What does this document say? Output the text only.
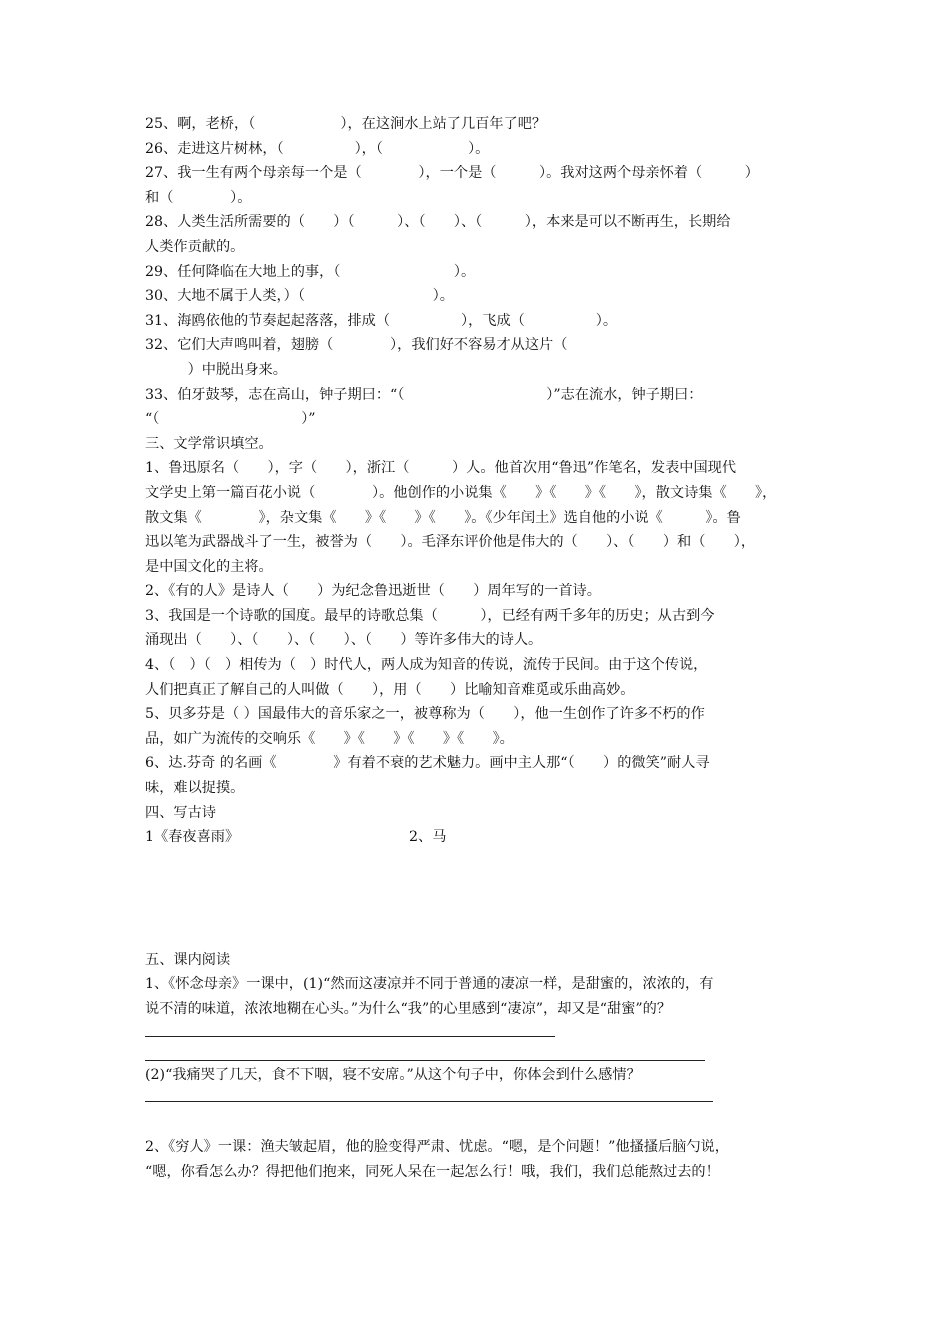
25、啊，老桥，（　　　　　　），在这涧水上站了几百年了吧？
26、走进这片树林，（　　　　　），（　　　　　　）。
27、我一生有两个母亲每一个是（　　　　），一个是（　　　）。我对这两个母亲怀着（　　　）
和（　　　　）。
28、人类生活所需要的（　　）（　　　）、（　　）、（　　　），本来是可以不断再生，长期给
人类作贡献的。
29、任何降临在大地上的事，（　　　　　　　　）。
30、大地不属于人类，）（　　　　　　　　　）。
31、海鸥依他的节奏起起落落，排成（　　　　　），飞成（　　　　　）。
32、它们大声鸣叫着，翅膀（　　　　），我们好不容易才从这片（
　　　）中脱出身来。
33、伯牙鼓琴，志在高山，钟子期曰：“（　　　　　　　　　　）”志在流水，钟子期曰：
“（　　　　　　　　　　）”
三、文学常识填空。
1、鲁迅原名（　　），字（　　），浙江（　　　）人。他首次用“鲁迅”作笔名，发表中国现代
文学史上第一篇百花小说（　　　　）。他创作的小说集《　　》《　　》《　　》，散文诗集《　　》，
散文集《　　　　》，杂文集《　　》《　　》《　　》。《少年闰土》选自他的小说《　　　》。鲁
迅以笔为武器战斗了一生，被誉为（　　）。毛泽东评价他是伟大的（　　）、（　　）和（　　），
是中国文化的主将。
2、《有的人》是诗人（　　）为纪念鲁迅逝世（　　）周年写的一首诗。
3、我国是一个诗歌的国度。最早的诗歌总集（　　　），已经有两千多年的历史；从古到今
涌现出（　　）、（　　）、（　　）、（　　）等许多伟大的诗人。
4、（　）（　）相传为（　）时代人，两人成为知音的传说，流传于民间。由于这个传说，
人们把真正了解自己的人叫做（　　），用（　　）比喻知音难觅或乐曲高妙。
5、贝多芬是（ ）国最伟大的音乐家之一，被尊称为（　　），他一生创作了许多不朽的作
品，如广为流传的交响乐《　　》《　　》《　　》《　　》。
6、达.芬奇 的名画《　　　　》有着不衰的艺术魅力。画中主人那“（　　）的微笑”耐人寻
味，难以捉摸。
四、写古诗
1《春夜喜雨》	2、马
五、课内阅读
1、《怀念母亲》一课中，(1)“然而这凄凉并不同于普通的凄凉一样，是甜蜜的，浓浓的，有
说不清的味道，浓浓地糊在心头。”为什么“我”的心里感到“凄凉”，却又是“甜蜜”的？
(2)“我痛哭了几天，食不下咽，寝不安席。”从这个句子中，你体会到什么感情？
2、《穷人》一课：渔夫皱起眉，他的脸变得严肃、忧虑。“嗯，是个问题！”他搔搔后脑勺说，
“嗯，你看怎么办？得把他们抱来，同死人呆在一起怎么行！哦，我们，我们总能熬过去的！
